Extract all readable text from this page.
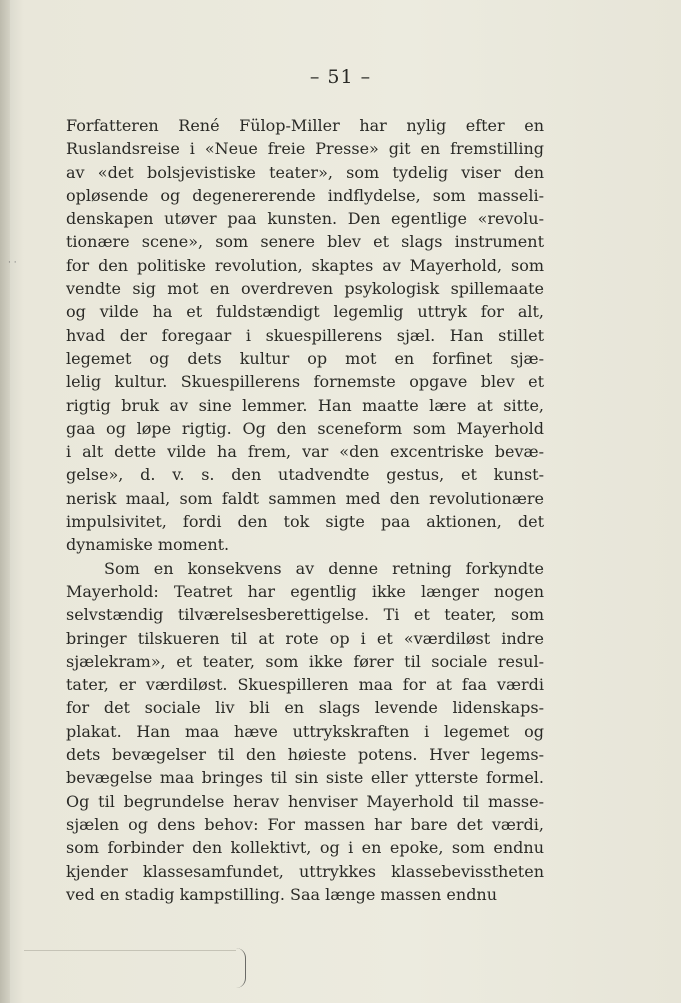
· ·
– 51 –
Forfatteren René Fülop-Miller har nylig efter en
Ruslandsreise i «Neue freie Presse» git en fremstilling
av «det bolsjevistiske teater», som tydelig viser den
opløsende og degenererende indflydelse, som masseli-
denskapen utøver paa kunsten. Den egentlige «revolu-
tionære scene», som senere blev et slags instrument
for den politiske revolution, skaptes av Mayerhold, som
vendte sig mot en overdreven psykologisk spillemaate
og vilde ha et fuldstændigt legemlig uttryk for alt,
hvad der foregaar i skuespillerens sjæl. Han stillet
legemet og dets kultur op mot en forfinet sjæ-
lelig kultur. Skuespillerens fornemste opgave blev et
rigtig bruk av sine lemmer. Han maatte lære at sitte,
gaa og løpe rigtig. Og den sceneform som Mayerhold
i alt dette vilde ha frem, var «den excentriske bevæ-
gelse», d. v. s. den utadvendte gestus, et kunst-
nerisk maal, som faldt sammen med den revolutionære
impulsivitet, fordi den tok sigte paa aktionen, det
dynamiske moment.
Som en konsekvens av denne retning forkyndte
Mayerhold: Teatret har egentlig ikke længer nogen
selvstændig tilværelsesberettigelse. Ti et teater, som
bringer tilskueren til at rote op i et «værdiløst indre
sjælekram», et teater, som ikke fører til sociale resul-
tater, er værdiløst. Skuespilleren maa for at faa værdi
for det sociale liv bli en slags levende lidenskaps-
plakat. Han maa hæve uttrykskraften i legemet og
dets bevægelser til den høieste potens. Hver legems-
bevægelse maa bringes til sin siste eller ytterste formel.
Og til begrundelse herav henviser Mayerhold til masse-
sjælen og dens behov: For massen har bare det værdi,
som forbinder den kollektivt, og i en epoke, som endnu
kjender klassesamfundet, uttrykkes klassebevisstheten
ved en stadig kampstilling. Saa længe massen endnu
